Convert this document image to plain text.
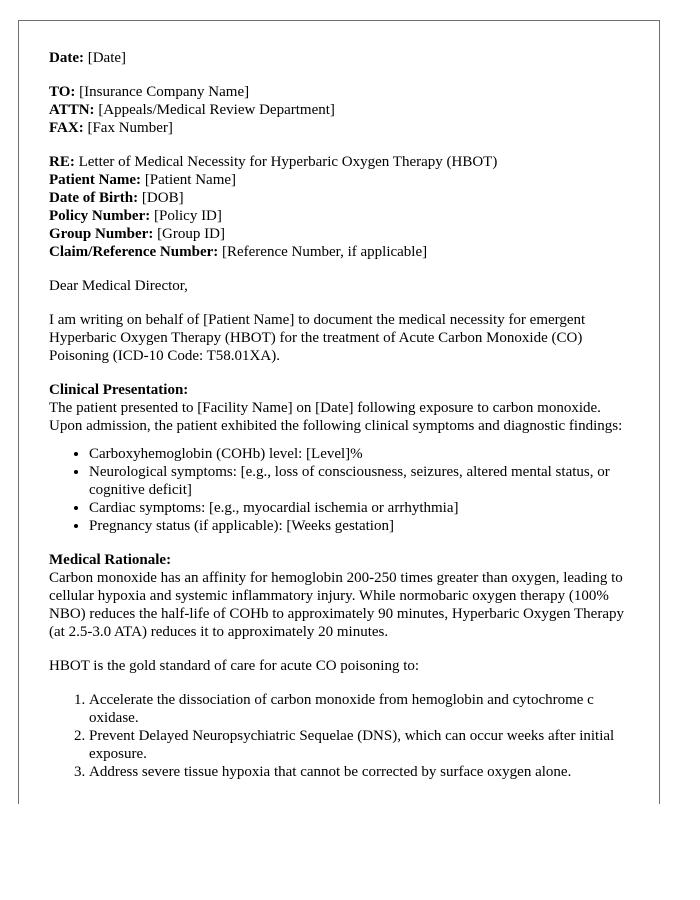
Date: [Date]

TO: [Insurance Company Name]
ATTN: [Appeals/Medical Review Department]
FAX: [Fax Number]

RE: Letter of Medical Necessity for Hyperbaric Oxygen Therapy (HBOT)
Patient Name: [Patient Name]
Date of Birth: [DOB]
Policy Number: [Policy ID]
Group Number: [Group ID]
Claim/Reference Number: [Reference Number, if applicable]

Dear Medical Director,

I am writing on behalf of [Patient Name] to document the medical necessity for emergent Hyperbaric Oxygen Therapy (HBOT) for the treatment of Acute Carbon Monoxide (CO) Poisoning (ICD-10 Code: T58.01XA).

Clinical Presentation:
The patient presented to [Facility Name] on [Date] following exposure to carbon monoxide. Upon admission, the patient exhibited the following clinical symptoms and diagnostic findings:

• Carboxyhemoglobin (COHb) level: [Level]%
• Neurological symptoms: [e.g., loss of consciousness, seizures, altered mental status, or cognitive deficit]
• Cardiac symptoms: [e.g., myocardial ischemia or arrhythmia]
• Pregnancy status (if applicable): [Weeks gestation]

Medical Rationale:
Carbon monoxide has an affinity for hemoglobin 200-250 times greater than oxygen, leading to cellular hypoxia and systemic inflammatory injury. While normobaric oxygen therapy (100% NBO) reduces the half-life of COHb to approximately 90 minutes, Hyperbaric Oxygen Therapy (at 2.5-3.0 ATA) reduces it to approximately 20 minutes.

HBOT is the gold standard of care for acute CO poisoning to:

1. Accelerate the dissociation of carbon monoxide from hemoglobin and cytochrome c oxidase.
2. Prevent Delayed Neuropsychiatric Sequelae (DNS), which can occur weeks after initial exposure.
3. Address severe tissue hypoxia that cannot be corrected by surface oxygen alone.
